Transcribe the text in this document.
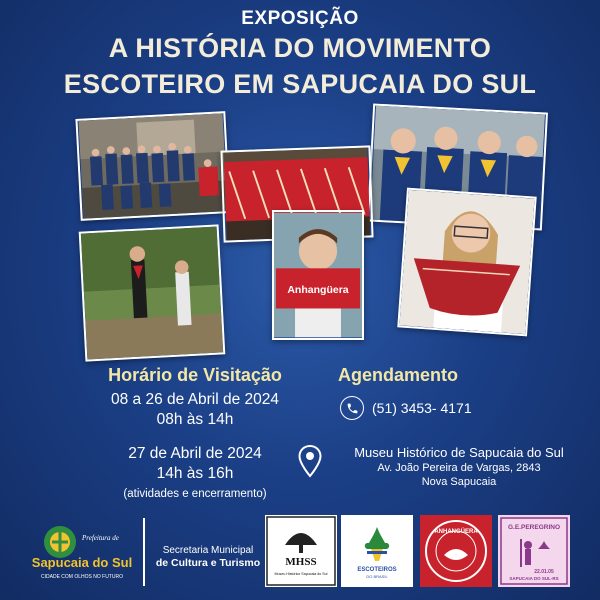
EXPOSIÇÃO
A HISTÓRIA DO MOVIMENTO
ESCOTEIRO EM SAPUCAIA DO SUL
Anhangüera
Horário de Visitação
08 a 26 de Abril de 2024
08h às 14h
27 de Abril de 2024
14h às 16h
(atividades e encerramento)
Agendamento
(51) 3453- 4171
Museu Histórico de Sapucaia do Sul
Av. João Pereira de Vargas, 2843
Nova Sapucaia
Prefeitura de
Sapucaia do Sul
CIDADE COM OLHOS NO FUTURO
Secretaria Municipal
de Cultura e Turismo	MHSS
Museu Histórico Sapucaia do Sul
ESCOTEIROS
DO BRASIL
ANHANGÜERA
G.E.PEREGRINO
22.01.05
SAPUCAIA DO SUL-RS
